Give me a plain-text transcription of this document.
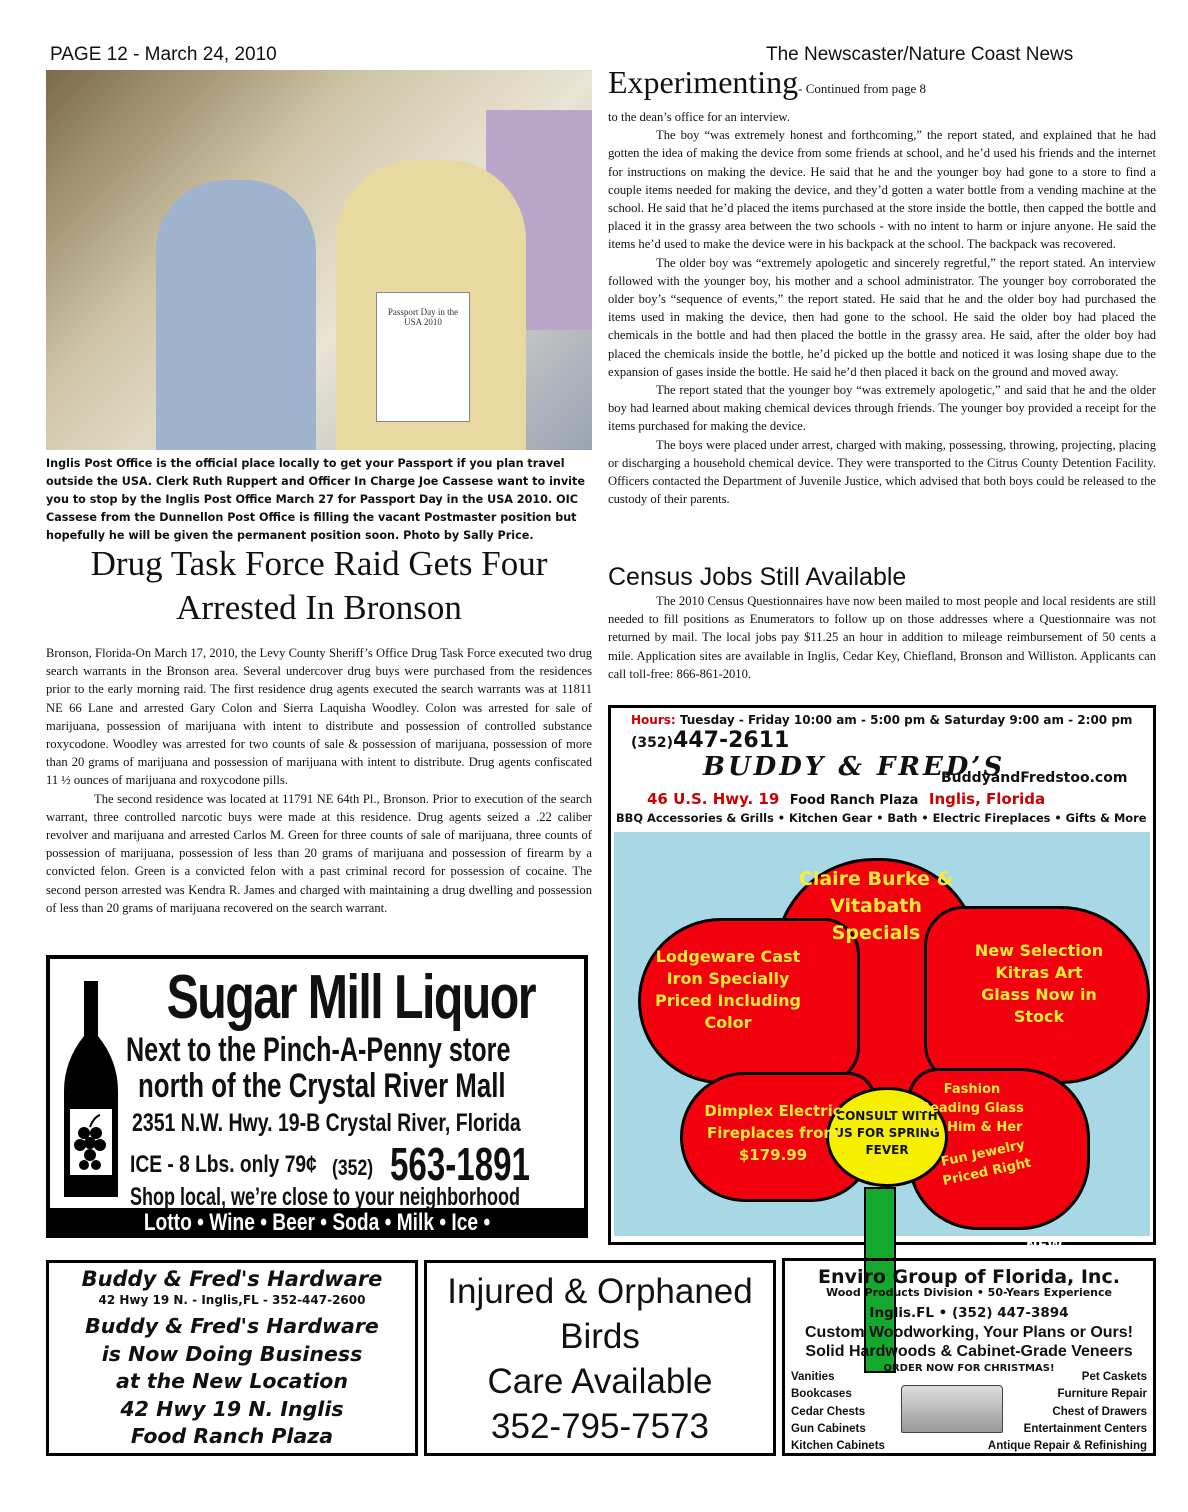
PAGE 12 - March 24, 2010	The Newscaster/Nature Coast News
Passport Day in the USA 2010
Inglis Post Office is the official place locally to get your Passport if you plan travel outside the USA. Clerk Ruth Ruppert and Officer In Charge Joe Cassese want to invite you to stop by the Inglis Post Office March 27 for Passport Day in the USA 2010. OIC Cassese from the Dunnellon Post Office is filling the vacant Postmaster position but hopefully he will be given the permanent position soon. Photo by Sally Price.
Drug Task Force Raid Gets Four Arrested In Bronson

Bronson, Florida-On March 17, 2010, the Levy County Sheriff’s Office Drug Task Force executed two drug search warrants in the Bronson area. Several undercover drug buys were purchased from the residences prior to the early morning raid. The first residence drug agents executed the search warrants was at 11811 NE 66 Lane and arrested Gary Colon and Sierra Laquisha Woodley. Colon was arrested for sale of marijuana, possession of marijuana with intent to distribute and possession of controlled substance roxycodone. Woodley was arrested for two counts of sale & possession of marijuana, possession of more than 20 grams of marijuana and possession of marijuana with intent to distribute. Drug agents confiscated 11 ½ ounces of marijuana and roxycodone pills.

The second residence was located at 11791 NE 64th Pl., Bronson. Prior to execution of the search warrant, three controlled narcotic buys were made at this residence. Drug agents seized a .22 caliber revolver and marijuana and arrested Carlos M. Green for three counts of sale of marijuana, three counts of possession of marijuana, possession of less than 20 grams of marijuana and possession of firearm by a convicted felon. Green is a convicted felon with a past criminal record for possession of cocaine. The second person arrested was Kendra R. James and charged with maintaining a drug dwelling and possession of less than 20 grams of marijuana recovered on the search warrant.

Experimenting- Continued from page 8

to the dean’s office for an interview.

The boy “was extremely honest and forthcoming,” the report stated, and explained that he had gotten the idea of making the device from some friends at school, and he’d used his friends and the internet for instructions on making the device. He said that he and the younger boy had gone to a store to find a couple items needed for making the device, and they’d gotten a water bottle from a vending machine at the school. He said that he’d placed the items purchased at the store inside the bottle, then capped the bottle and placed it in the grassy area between the two schools - with no intent to harm or injure anyone. He said the items he’d used to make the device were in his backpack at the school. The backpack was recovered.

The older boy was “extremely apologetic and sincerely regretful,” the report stated. An interview followed with the younger boy, his mother and a school administrator. The younger boy corroborated the older boy’s “sequence of events,” the report stated. He said that he and the older boy had purchased the items used in making the device, then had gone to the school. He said the older boy had placed the chemicals in the bottle and had then placed the bottle in the grassy area. He said, after the older boy had placed the chemicals inside the bottle, he’d picked up the bottle and noticed it was losing shape due to the expansion of gases inside the bottle. He said he’d then placed it back on the ground and moved away.

The report stated that the younger boy “was extremely apologetic,” and said that he and the older boy had learned about making chemical devices through friends. The younger boy provided a receipt for the items purchased for making the device.

The boys were placed under arrest, charged with making, possessing, throwing, projecting, placing or discharging a household chemical device. They were transported to the Citrus County Detention Facility. Officers contacted the Department of Juvenile Justice, which advised that both boys could be released to the custody of their parents.

Census Jobs Still Available

The 2010 Census Questionnaires have now been mailed to most people and local residents are still needed to fill positions as Enumerators to follow up on those addresses where a Questionnaire was not returned by mail. The local jobs pay $11.25 an hour in addition to mileage reimbursement of 50 cents a mile. Application sites are available in Inglis, Cedar Key, Chiefland, Bronson and Williston. Applicants can call toll-free: 866-861-2010.

Sugar Mill Liquor
Next to the Pinch-A-Penny store
north of the Crystal River Mall
2351 N.W. Hwy. 19-B Crystal River, Florida
ICE - 8 Lbs. only 79¢ (352) 563-1891
Shop local, we’re close to your neighborhood
Lotto • Wine • Beer • Soda • Milk • Ice • Cigarettes
Hours: Tuesday - Friday 10:00 am - 5:00 pm & Saturday 9:00 am - 2:00 pm
(352)447-2611
BUDDY & FRED’S
BuddyandFredstoo.com
46 U.S. Hwy. 19 Food Ranch Plaza Inglis, Florida
BBQ Accessories & Grills • Kitchen Gear • Bath • Electric Fireplaces • Gifts & More
CONSULT WITH US FOR SPRING FEVER
Claire Burke & Vitabath Specials
Lodgeware Cast Iron Specially Priced Including Color
New Selection Kitras Art Glass Now in Stock
Dimplex Electric Fireplaces from $179.99
Fashion Reading Glass for Him & Her
NEW
Fun Jewelry Priced Right
Buddy & Fred's Hardware
42 Hwy 19 N. - Inglis,FL - 352-447-2600
Buddy & Fred's Hardware
is Now Doing Business
at the New Location
42 Hwy 19 N. Inglis
Food Ranch Plaza
Injured & Orphaned
Birds
Care Available
352-795-7573
Enviro Group of Florida, Inc.
Wood Products Division • 50-Years Experience
Inglis.FL • (352) 447-3894
Custom Woodworking, Your Plans or Ours!
Solid Hardwoods & Cabinet-Grade Veneers
ORDER NOW FOR CHRISTMAS!
Vanities
Bookcases
Cedar Chests
Gun Cabinets
Kitchen Cabinets
Pet Caskets
Furniture Repair
Chest of Drawers
Entertainment Centers
Antique Repair & Refinishing
